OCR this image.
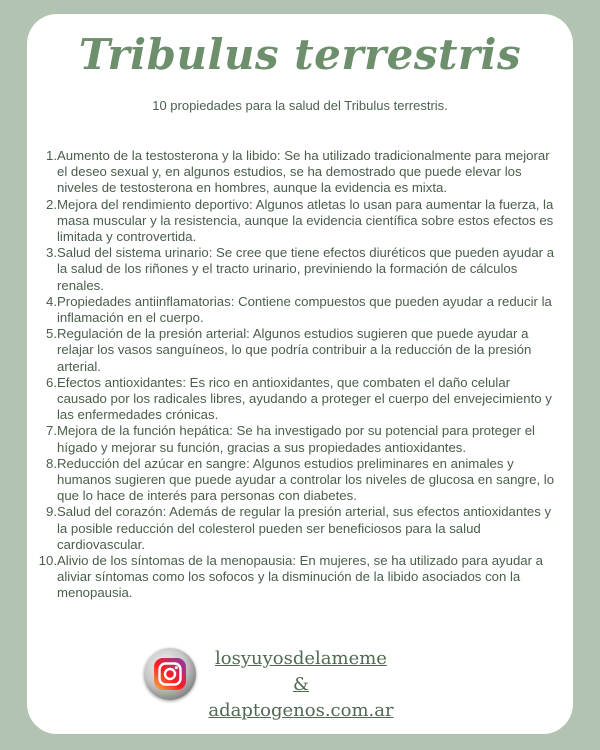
Tribulus terrestris
10 propiedades para la salud del Tribulus terrestris.
1. Aumento de la testosterona y la libido: Se ha utilizado tradicionalmente para mejorar el deseo sexual y, en algunos estudios, se ha demostrado que puede elevar los niveles de testosterona en hombres, aunque la evidencia es mixta.
2. Mejora del rendimiento deportivo: Algunos atletas lo usan para aumentar la fuerza, la masa muscular y la resistencia, aunque la evidencia científica sobre estos efectos es limitada y controvertida.
3. Salud del sistema urinario: Se cree que tiene efectos diuréticos que pueden ayudar a la salud de los riñones y el tracto urinario, previniendo la formación de cálculos renales.
4. Propiedades antiinflamatorias: Contiene compuestos que pueden ayudar a reducir la inflamación en el cuerpo.
5. Regulación de la presión arterial: Algunos estudios sugieren que puede ayudar a relajar los vasos sanguíneos, lo que podría contribuir a la reducción de la presión arterial.
6. Efectos antioxidantes: Es rico en antioxidantes, que combaten el daño celular causado por los radicales libres, ayudando a proteger el cuerpo del envejecimiento y las enfermedades crónicas.
7. Mejora de la función hepática: Se ha investigado por su potencial para proteger el hígado y mejorar su función, gracias a sus propiedades antioxidantes.
8. Reducción del azúcar en sangre: Algunos estudios preliminares en animales y humanos sugieren que puede ayudar a controlar los niveles de glucosa en sangre, lo que lo hace de interés para personas con diabetes.
9. Salud del corazón: Además de regular la presión arterial, sus efectos antioxidantes y la posible reducción del colesterol pueden ser beneficiosos para la salud cardiovascular.
10. Alivio de los síntomas de la menopausia: En mujeres, se ha utilizado para ayudar a aliviar síntomas como los sofocos y la disminución de la libido asociados con la menopausia.
losyuyosdelameme
&
adaptogenos.com.ar
